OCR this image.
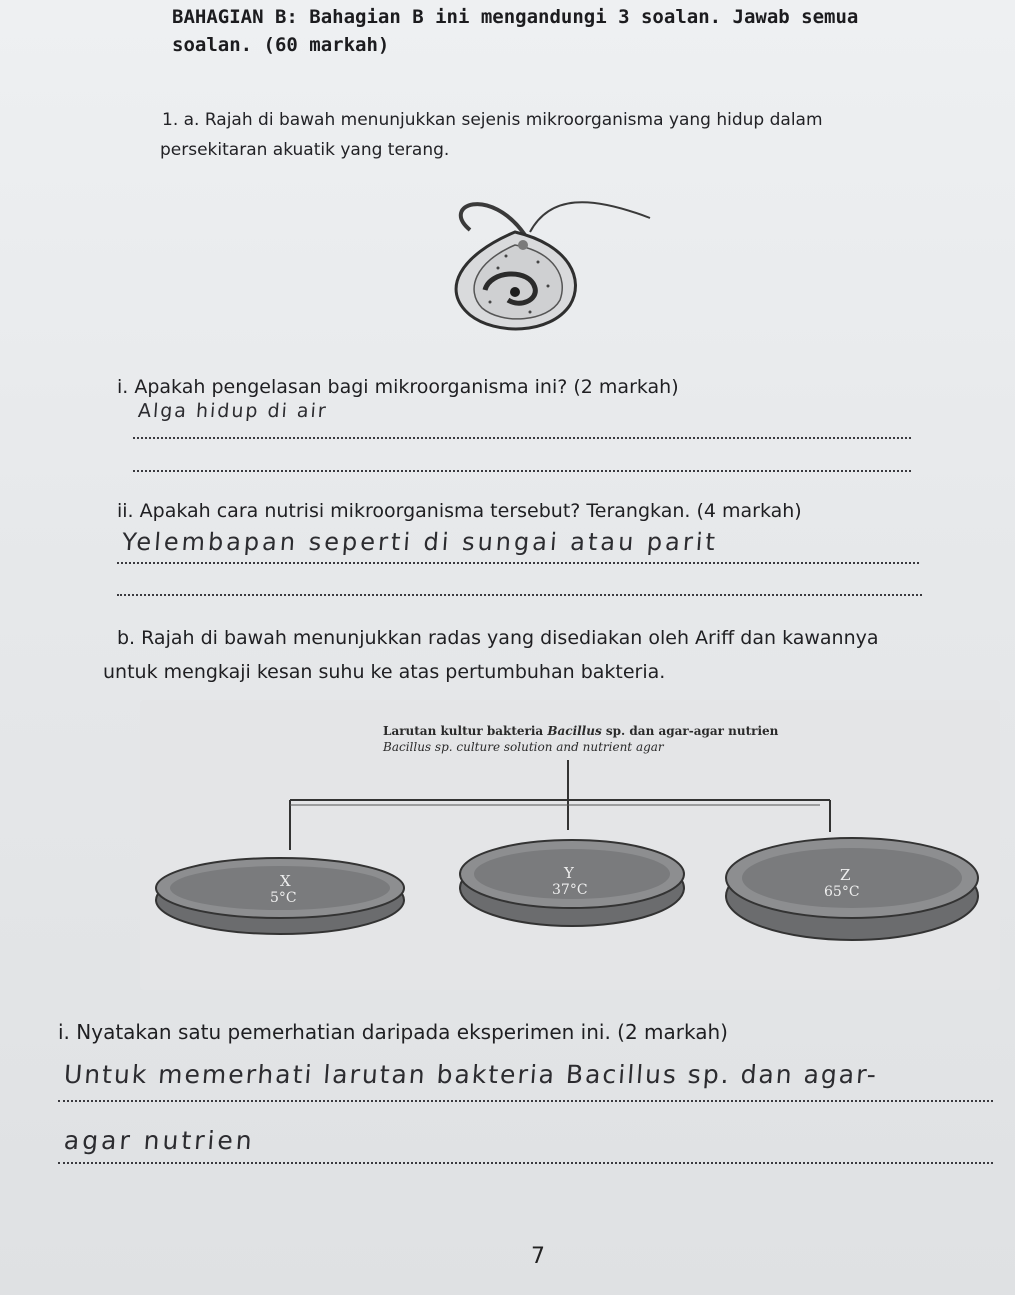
BAHAGIAN B: Bahagian B ini mengandungi 3 soalan. Jawab semua
soalan. (60 markah)
1. a. Rajah di bawah menunjukkan sejenis mikroorganisma yang hidup dalam
persekitaran akuatik yang terang.
i. Apakah pengelasan bagi mikroorganisma ini? (2 markah)
Alga hidup di air
ii. Apakah cara nutrisi mikroorganisma tersebut? Terangkan. (4 markah)
Yelembapan seperti di sungai atau parit
b. Rajah di bawah menunjukkan radas yang disediakan oleh Ariff dan kawannya
untuk mengkaji kesan suhu ke atas pertumbuhan bakteria.
Larutan kultur bakteria Bacillus sp. dan agar-agar nutrien
Bacillus sp. culture solution and nutrient agar
X
5°C
Y
37°C
Z
65°C
i. Nyatakan satu pemerhatian daripada eksperimen ini. (2 markah)
Untuk memerhati larutan bakteria Bacillus sp. dan agar-
agar nutrien
7
